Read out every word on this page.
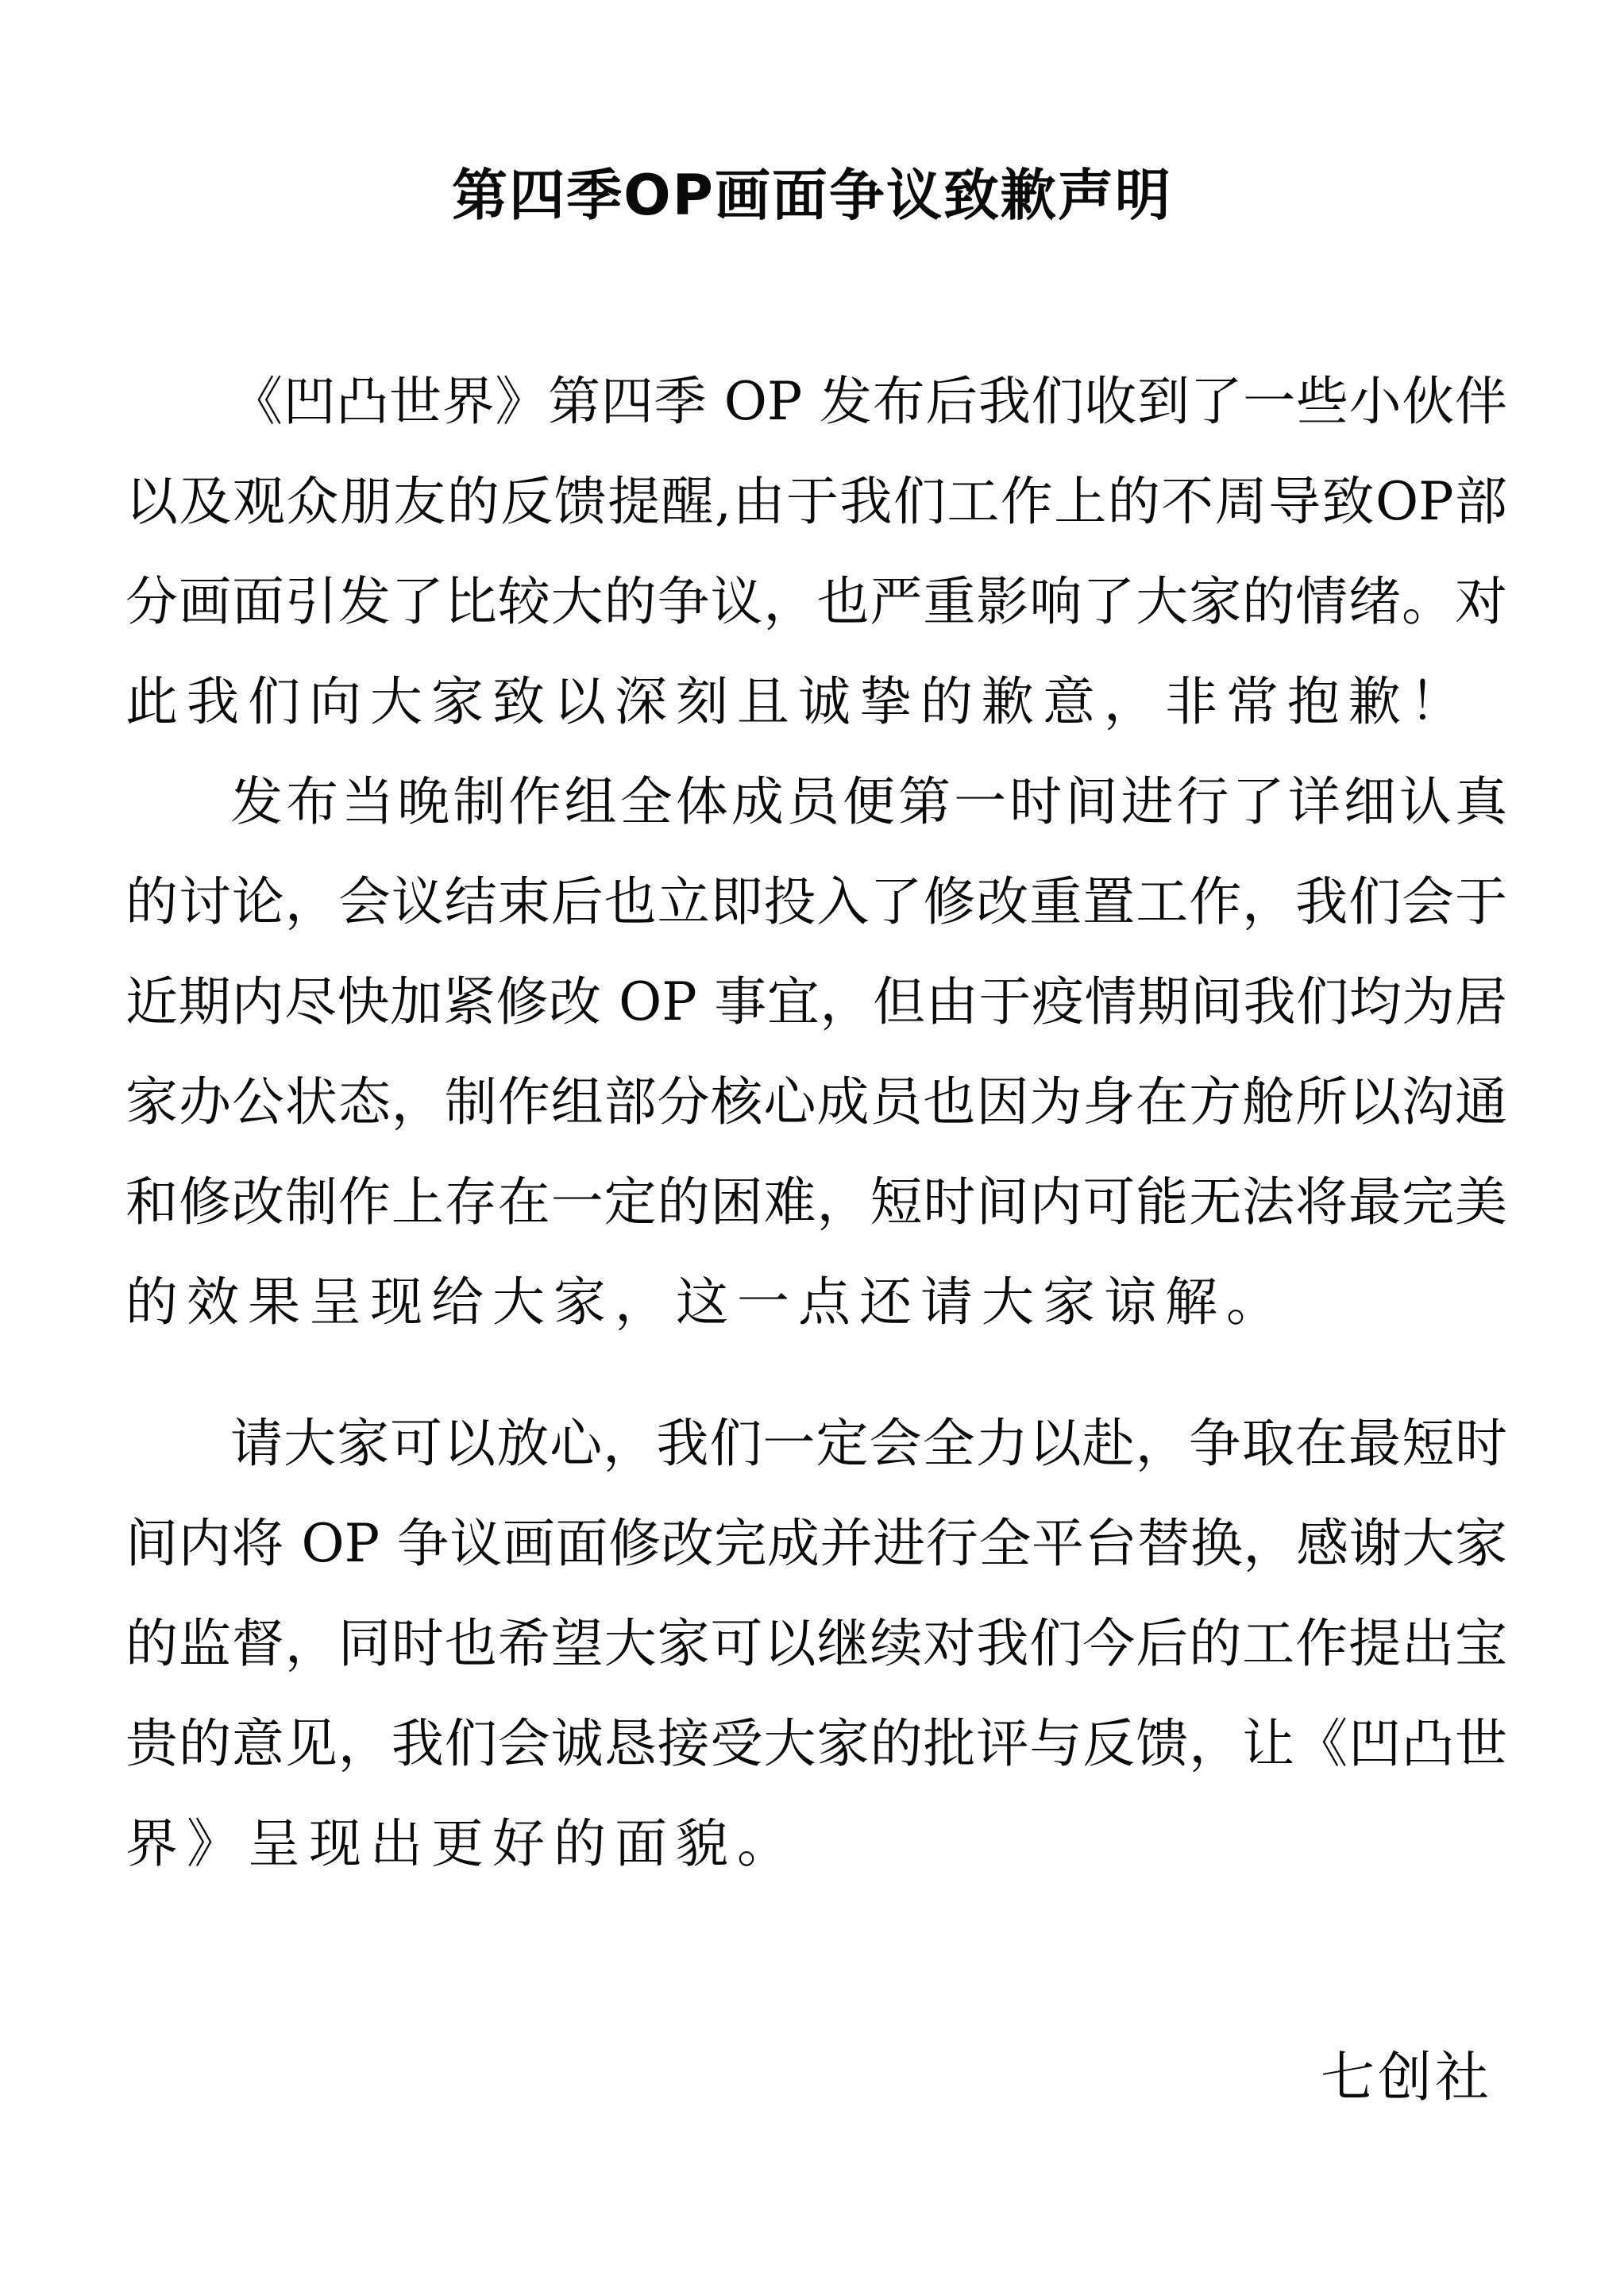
第四季OP画面争议致歉声明
《凹凸世界》第四季 OP 发布后我们收到了一些小伙伴
以及观众朋友的反馈提醒,由于我们工作上的不周导致OP部
分画面引发了比较大的争议，也严重影响了大家的情绪。对
此我们向大家致以深刻且诚挚的歉意，非常抱歉！
发布当晚制作组全体成员便第一时间进行了详细认真
的讨论，会议结束后也立即投入了修改重置工作，我们会于
近期内尽快加紧修改 OP 事宜，但由于疫情期间我们均为居
家办公状态，制作组部分核心成员也因为身在方舱所以沟通
和修改制作上存在一定的困难，短时间内可能无法将最完美
的效果呈现给大家，这一点还请大家谅解。
请大家可以放心，我们一定会全力以赴，争取在最短时
间内将 OP 争议画面修改完成并进行全平台替换，感谢大家
的监督，同时也希望大家可以继续对我们今后的工作提出宝
贵的意见，我们会诚恳接受大家的批评与反馈，让《凹凸世
界》呈现出更好的面貌。
七创社
